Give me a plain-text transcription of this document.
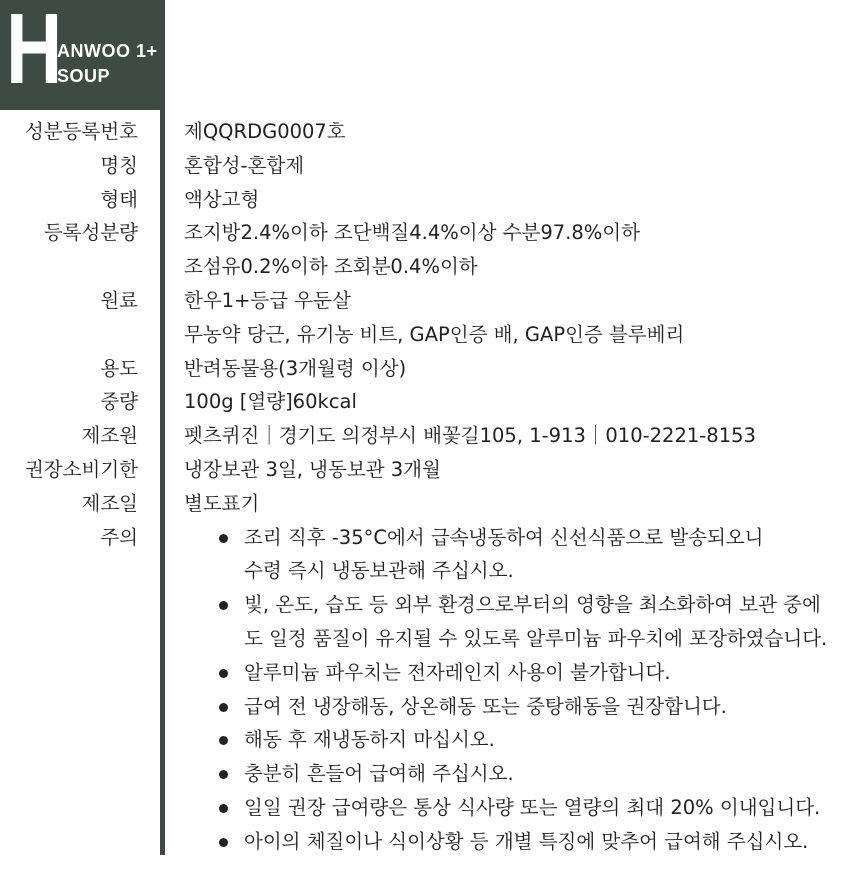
H
ANWOO 1+
SOUP
성분등록번호
명칭
형태
등록성분량
원료
용도
중량
제조원
권장소비기한
제조일
주의
제QQRDG0007호
혼합성-혼합제
액상고형
조지방2.4%이하 조단백질4.4%이상 수분97.8%이하
조섬유0.2%이하 조회분0.4%이하
한우1+등급 우둔살
무농약 당근, 유기농 비트, GAP인증 배, GAP인증 블루베리
반려동물용(3개월령 이상)
100g [열량]60kcal
펫츠퀴진｜경기도 의정부시 배꽃길105, 1-913｜010-2221-8153
냉장보관 3일, 냉동보관 3개월
별도표기
조리 직후 -35°C에서 급속냉동하여 신선식품으로 발송되오니
수령 즉시 냉동보관해 주십시오.
빛, 온도, 습도 등 외부 환경으로부터의 영향을 최소화하여 보관 중에
도 일정 품질이 유지될 수 있도록 알루미늄 파우치에 포장하였습니다.
알루미늄 파우치는 전자레인지 사용이 불가합니다.
급여 전 냉장해동, 상온해동 또는 중탕해동을 권장합니다.
해동 후 재냉동하지 마십시오.
충분히 흔들어 급여해 주십시오.
일일 권장 급여량은 통상 식사량 또는 열량의 최대 20% 이내입니다.
아이의 체질이나 식이상황 등 개별 특징에 맞추어 급여해 주십시오.
